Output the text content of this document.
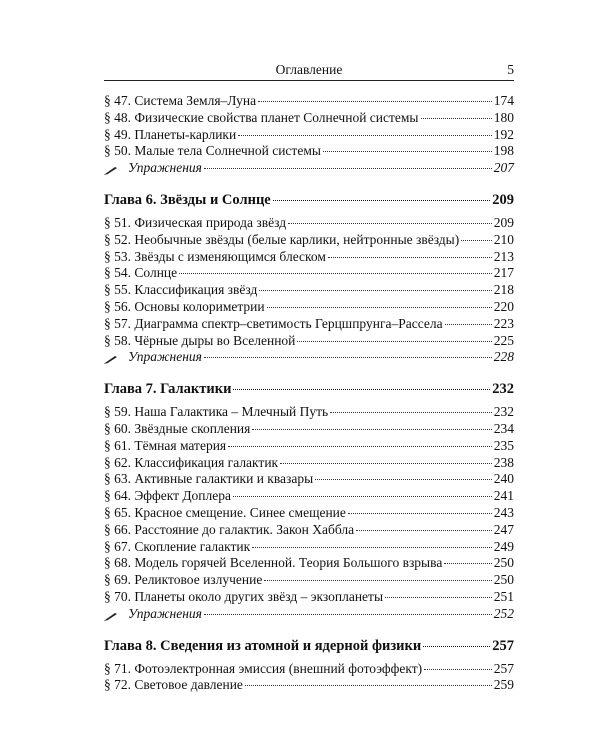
Оглавление	5
§ 47. Система Земля–Луна	174
§ 48. Физические свойства планет Солнечной системы	180
§ 49. Планеты-карлики	192
§ 50. Малые тела Солнечной системы	198
Упражнения	207
Глава 6. Звёзды и Солнце	209
§ 51. Физическая природа звёзд	209
§ 52. Необычные звёзды (белые карлики, нейтронные звёзды)	210
§ 53. Звёзды с изменяющимся блеском	213
§ 54. Солнце	217
§ 55. Классификация звёзд	218
§ 56. Основы колориметрии	220
§ 57. Диаграмма спектр–светимость Герцшпрунга–Рассела	223
§ 58. Чёрные дыры во Вселенной	225
Упражнения	228
Глава 7. Галактики	232
§ 59. Наша Галактика – Млечный Путь	232
§ 60. Звёздные скопления	234
§ 61. Тёмная материя	235
§ 62. Классификация галактик	238
§ 63. Активные галактики и квазары	240
§ 64. Эффект Доплера	241
§ 65. Красное смещение. Синее смещение	243
§ 66. Расстояние до галактик. Закон Хаббла	247
§ 67. Скопление галактик	249
§ 68. Модель горячей Вселенной. Теория Большого взрыва	250
§ 69. Реликтовое излучение	250
§ 70. Планеты около других звёзд – экзопланеты	251
Упражнения	252
Глава 8. Сведения из атомной и ядерной физики	257
§ 71. Фотоэлектронная эмиссия (внешний фотоэффект)	257
§ 72. Световое давление	259
